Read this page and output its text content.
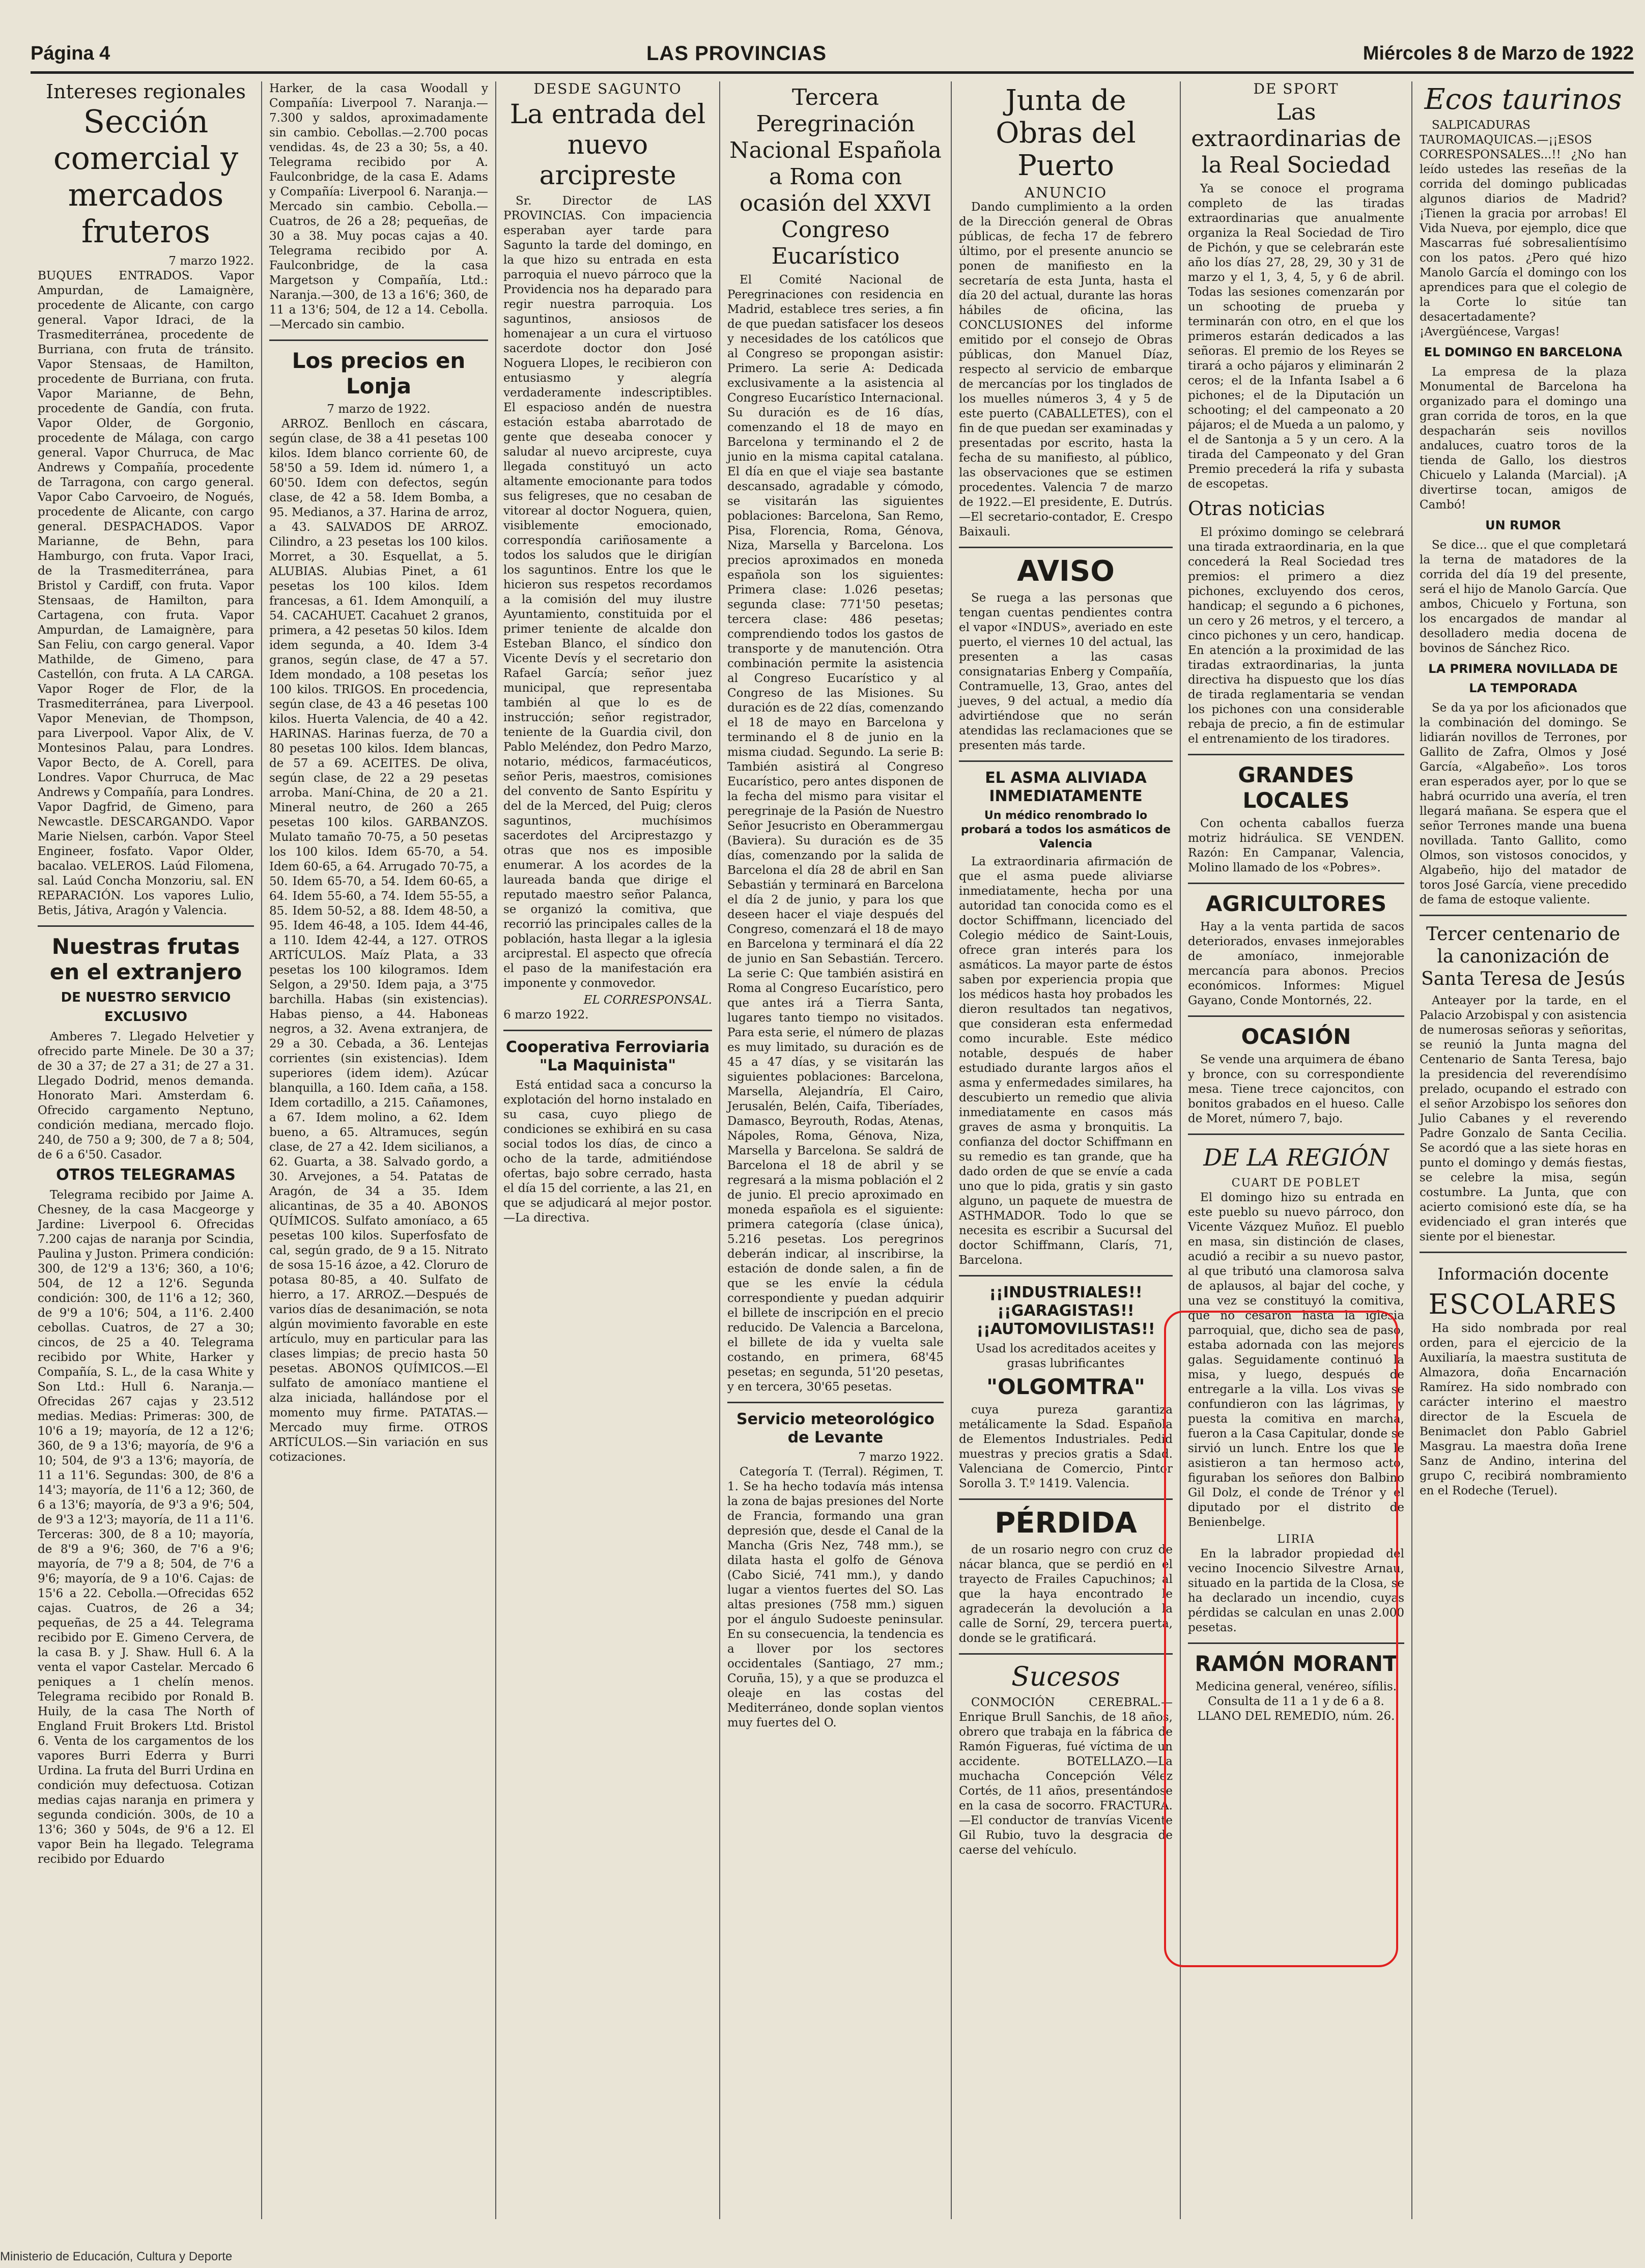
Página 4	LAS PROVINCIAS	Miércoles 8 de Marzo de 1922
Intereses regionales
Sección comercial y mercados fruteros
7 marzo 1922.

BUQUES ENTRADOS. Vapor Ampurdan, de Lamaignère, procedente de Alicante, con cargo general. Vapor Idraci, de la Trasmediterránea, procedente de Burriana, con fruta de tránsito. Vapor Stensaas, de Hamilton, procedente de Burriana, con fruta. Vapor Marianne, de Behn, procedente de Gandía, con fruta. Vapor Older, de Gorgonio, procedente de Málaga, con cargo general. Vapor Churruca, de Mac Andrews y Compañía, procedente de Tarragona, con cargo general. Vapor Cabo Carvoeiro, de Nogués, procedente de Alicante, con cargo general. DESPACHADOS. Vapor Marianne, de Behn, para Hamburgo, con fruta. Vapor Iraci, de la Trasmediterránea, para Bristol y Cardiff, con fruta. Vapor Stensaas, de Hamilton, para Cartagena, con fruta. Vapor Ampurdan, de Lamaignère, para San Feliu, con cargo general. Vapor Mathilde, de Gimeno, para Castellón, con fruta. A LA CARGA. Vapor Roger de Flor, de la Trasmediterránea, para Liverpool. Vapor Menevian, de Thompson, para Liverpool. Vapor Alix, de V. Montesinos Palau, para Londres. Vapor Becto, de A. Corell, para Londres. Vapor Churruca, de Mac Andrews y Compañía, para Londres. Vapor Dagfrid, de Gimeno, para Newcastle. DESCARGANDO. Vapor Marie Nielsen, carbón. Vapor Steel Engineer, fosfato. Vapor Older, bacalao. VELEROS. Laúd Filomena, sal. Laúd Concha Monzoriu, sal. EN REPARACIÓN. Los vapores Lulio, Betis, Játiva, Aragón y Valencia.

Nuestras frutas en el extranjero
DE NUESTRO SERVICIO EXCLUSIVO

Amberes 7. Llegado Helvetier y ofrecido parte Minele. De 30 a 37; de 30 a 37; de 27 a 31; de 27 a 31. Llegado Dodrid, menos demanda. Honorato Mari. Amsterdam 6. Ofrecido cargamento Neptuno, condición mediana, mercado flojo. 240, de 750 a 9; 300, de 7 a 8; 504, de 6 a 6'50. Casador.

OTROS TELEGRAMAS

Telegrama recibido por Jaime A. Chesney, de la casa Macgeorge y Jardine: Liverpool 6. Ofrecidas 7.200 cajas de naranja por Scindia, Paulina y Juston. Primera condición: 300, de 12'9 a 13'6; 360, a 10'6; 504, de 12 a 12'6. Segunda condición: 300, de 11'6 a 12; 360, de 9'9 a 10'6; 504, a 11'6. 2.400 cebollas. Cuatros, de 27 a 30; cincos, de 25 a 40. Telegrama recibido por White, Harker y Compañía, S. L., de la casa White y Son Ltd.: Hull 6. Naranja.—Ofrecidas 267 cajas y 23.512 medias. Medias: Primeras: 300, de 10'6 a 19; mayoría, de 12 a 12'6; 360, de 9 a 13'6; mayoría, de 9'6 a 10; 504, de 9'3 a 13'6; mayoría, de 11 a 11'6. Segundas: 300, de 8'6 a 14'3; mayoría, de 11'6 a 12; 360, de 6 a 13'6; mayoría, de 9'3 a 9'6; 504, de 9'3 a 12'3; mayoría, de 11 a 11'6. Terceras: 300, de 8 a 10; mayoría, de 8'9 a 9'6; 360, de 7'6 a 9'6; mayoría, de 7'9 a 8; 504, de 7'6 a 9'6; mayoría, de 9 a 10'6. Cajas: de 15'6 a 22. Cebolla.—Ofrecidas 652 cajas. Cuatros, de 26 a 34; pequeñas, de 25 a 44. Telegrama recibido por E. Gimeno Cervera, de la casa B. y J. Shaw. Hull 6. A la venta el vapor Castelar. Mercado 6 peniques a 1 chelín menos. Telegrama recibido por Ronald B. Huily, de la casa The North of England Fruit Brokers Ltd. Bristol 6. Venta de los cargamentos de los vapores Burri Ederra y Burri Urdina. La fruta del Burri Urdina en condición muy defectuosa. Cotizan medias cajas naranja en primera y segunda condición. 300s, de 10 a 13'6; 360 y 504s, de 9'6 a 12. El vapor Bein ha llegado. Telegrama recibido por Eduardo

Harker, de la casa Woodall y Compañía: Liverpool 7. Naranja.—7.300 y saldos, aproximadamente sin cambio. Cebollas.—2.700 pocas vendidas. 4s, de 23 a 30; 5s, a 40. Telegrama recibido por A. Faulconbridge, de la casa E. Adams y Compañía: Liverpool 6. Naranja.—Mercado sin cambio. Cebolla.—Cuatros, de 26 a 28; pequeñas, de 30 a 38. Muy pocas cajas a 40. Telegrama recibido por A. Faulconbridge, de la casa Margetson y Compañía, Ltd.: Naranja.—300, de 13 a 16'6; 360, de 11 a 13'6; 504, de 12 a 14. Cebolla.—Mercado sin cambio.

Los precios en Lonja
7 marzo de 1922.

ARROZ. Benlloch en cáscara, según clase, de 38 a 41 pesetas 100 kilos. Idem blanco corriente 60, de 58'50 a 59. Idem id. número 1, a 60'50. Idem con defectos, según clase, de 42 a 58. Idem Bomba, a 95. Medianos, a 37. Harina de arroz, a 43. SALVADOS DE ARROZ. Cilindro, a 23 pesetas los 100 kilos. Morret, a 30. Esquellat, a 5. ALUBIAS. Alubias Pinet, a 61 pesetas los 100 kilos. Idem francesas, a 61. Idem Amonquilí, a 54. CACAHUET. Cacahuet 2 granos, primera, a 42 pesetas 50 kilos. Idem idem segunda, a 40. Idem 3-4 granos, según clase, de 47 a 57. Idem mondado, a 108 pesetas los 100 kilos. TRIGOS. En procedencia, según clase, de 43 a 46 pesetas 100 kilos. Huerta Valencia, de 40 a 42. HARINAS. Harinas fuerza, de 70 a 80 pesetas 100 kilos. Idem blancas, de 57 a 69. ACEITES. De oliva, según clase, de 22 a 29 pesetas arroba. Maní-China, de 20 a 21. Mineral neutro, de 260 a 265 pesetas 100 kilos. GARBANZOS. Mulato tamaño 70-75, a 50 pesetas los 100 kilos. Idem 65-70, a 54. Idem 60-65, a 64. Arrugado 70-75, a 50. Idem 65-70, a 54. Idem 60-65, a 64. Idem 55-60, a 74. Idem 55-55, a 85. Idem 50-52, a 88. Idem 48-50, a 95. Idem 46-48, a 105. Idem 44-46, a 110. Idem 42-44, a 127. OTROS ARTÍCULOS. Maíz Plata, a 33 pesetas los 100 kilogramos. Idem Selgon, a 29'50. Idem paja, a 3'75 barchilla. Habas (sin existencias). Habas pienso, a 44. Haboneas negros, a 32. Avena extranjera, de 29 a 30. Cebada, a 36. Lentejas corrientes (sin existencias). Idem superiores (idem idem). Azúcar blanquilla, a 160. Idem caña, a 158. Idem cortadillo, a 215. Cañamones, a 67. Idem molino, a 62. Idem bueno, a 65. Altramuces, según clase, de 27 a 42. Idem sicilianos, a 62. Guarta, a 38. Salvado gordo, a 30. Arvejones, a 54. Patatas de Aragón, de 34 a 35. Idem alicantinas, de 35 a 40. ABONOS QUÍMICOS. Sulfato amoníaco, a 65 pesetas 100 kilos. Superfosfato de cal, según grado, de 9 a 15. Nitrato de sosa 15-16 ázoe, a 42. Cloruro de potasa 80-85, a 40. Sulfato de hierro, a 17. ARROZ.—Después de varios días de desanimación, se nota algún movimiento favorable en este artículo, muy en particular para las clases limpias; de precio hasta 50 pesetas. ABONOS QUÍMICOS.—El sulfato de amoníaco mantiene el alza iniciada, hallándose por el momento muy firme. PATATAS.—Mercado muy firme. OTROS ARTÍCULOS.—Sin variación en sus cotizaciones.

DESDE SAGUNTO
La entrada del nuevo arcipreste

Sr. Director de LAS PROVINCIAS. Con impaciencia esperaban ayer tarde para Sagunto la tarde del domingo, en la que hizo su entrada en esta parroquia el nuevo párroco que la Providencia nos ha deparado para regir nuestra parroquia. Los saguntinos, ansiosos de homenajear a un cura el virtuoso sacerdote doctor don José Noguera Llopes, le recibieron con entusiasmo y alegría verdaderamente indescriptibles. El espacioso andén de nuestra estación estaba abarrotado de gente que deseaba conocer y saludar al nuevo arcipreste, cuya llegada constituyó un acto altamente emocionante para todos sus feligreses, que no cesaban de vitorear al doctor Noguera, quien, visiblemente emocionado, correspondía cariñosamente a todos los saludos que le dirigían los saguntinos. Entre los que le hicieron sus respetos recordamos a la comisión del muy ilustre Ayuntamiento, constituida por el primer teniente de alcalde don Esteban Blanco, el síndico don Vicente Devís y el secretario don Rafael García; señor juez municipal, que representaba también al que lo es de instrucción; señor registrador, teniente de la Guardia civil, don Pablo Meléndez, don Pedro Marzo, notario, médicos, farmacéuticos, señor Peris, maestros, comisiones del convento de Santo Espíritu y del de la Merced, del Puig; cleros saguntinos, muchísimos sacerdotes del Arciprestazgo y otras que nos es imposible enumerar. A los acordes de la laureada banda que dirige el reputado maestro señor Palanca, se organizó la comitiva, que recorrió las principales calles de la población, hasta llegar a la iglesia arciprestal. El aspecto que ofrecía el paso de la manifestación era imponente y conmovedor.

EL CORRESPONSAL.
6 marzo 1922.
Cooperativa Ferroviaria "La Maquinista"

Está entidad saca a concurso la explotación del horno instalado en su casa, cuyo pliego de condiciones se exhibirá en su casa social todos los días, de cinco a ocho de la tarde, admitiéndose ofertas, bajo sobre cerrado, hasta el día 15 del corriente, a las 21, en que se adjudicará al mejor postor.—La directiva.

Tercera Peregrinación Nacional Española a Roma con ocasión del XXVI Congreso Eucarístico

El Comité Nacional de Peregrinaciones con residencia en Madrid, establece tres series, a fin de que puedan satisfacer los deseos y necesidades de los católicos que al Congreso se propongan asistir: Primero. La serie A: Dedicada exclusivamente a la asistencia al Congreso Eucarístico Internacional. Su duración es de 16 días, comenzando el 18 de mayo en Barcelona y terminando el 2 de junio en la misma capital catalana. El día en que el viaje sea bastante descansado, agradable y cómodo, se visitarán las siguientes poblaciones: Barcelona, San Remo, Pisa, Florencia, Roma, Génova, Niza, Marsella y Barcelona. Los precios aproximados en moneda española son los siguientes: Primera clase: 1.026 pesetas; segunda clase: 771'50 pesetas; tercera clase: 486 pesetas; comprendiendo todos los gastos de transporte y de manutención. Otra combinación permite la asistencia al Congreso Eucarístico y al Congreso de las Misiones. Su duración es de 22 días, comenzando el 18 de mayo en Barcelona y terminando el 8 de junio en la misma ciudad. Segundo. La serie B: También asistirá al Congreso Eucarístico, pero antes disponen de la fecha del mismo para visitar el peregrinaje de la Pasión de Nuestro Señor Jesucristo en Oberammergau (Baviera). Su duración es de 35 días, comenzando por la salida de Barcelona el día 28 de abril en San Sebastián y terminará en Barcelona el día 2 de junio, y para los que deseen hacer el viaje después del Congreso, comenzará el 18 de mayo en Barcelona y terminará el día 22 de junio en San Sebastián. Tercero. La serie C: Que también asistirá en Roma al Congreso Eucarístico, pero que antes irá a Tierra Santa, lugares tanto tiempo no visitados. Para esta serie, el número de plazas es muy limitado, su duración es de 45 a 47 días, y se visitarán las siguientes poblaciones: Barcelona, Marsella, Alejandría, El Cairo, Jerusalén, Belén, Caifa, Tiberíades, Damasco, Beyrouth, Rodas, Atenas, Nápoles, Roma, Génova, Niza, Marsella y Barcelona. Se saldrá de Barcelona el 18 de abril y se regresará a la misma población el 2 de junio. El precio aproximado en moneda española es el siguiente: primera categoría (clase única), 5.216 pesetas. Los peregrinos deberán indicar, al inscribirse, la estación de donde salen, a fin de que se les envíe la cédula correspondiente y puedan adquirir el billete de inscripción en el precio reducido. De Valencia a Barcelona, el billete de ida y vuelta sale costando, en primera, 68'45 pesetas; en segunda, 51'20 pesetas, y en tercera, 30'65 pesetas.

Servicio meteorológico de Levante
7 marzo 1922.

Categoría T. (Terral). Régimen, T. 1. Se ha hecho todavía más intensa la zona de bajas presiones del Norte de Francia, formando una gran depresión que, desde el Canal de la Mancha (Gris Nez, 748 mm.), se dilata hasta el golfo de Génova (Cabo Sicié, 741 mm.), y dando lugar a vientos fuertes del SO. Las altas presiones (758 mm.) siguen por el ángulo Sudoeste peninsular. En su consecuencia, la tendencia es a llover por los sectores occidentales (Santiago, 27 mm.; Coruña, 15), y a que se produzca el oleaje en las costas del Mediterráneo, donde soplan vientos muy fuertes del O.

Junta de Obras del Puerto
ANUNCIO

Dando cumplimiento a la orden de la Dirección general de Obras públicas, de fecha 17 de febrero último, por el presente anuncio se ponen de manifiesto en la secretaría de esta Junta, hasta el día 20 del actual, durante las horas hábiles de oficina, las CONCLUSIONES del informe emitido por el consejo de Obras públicas, don Manuel Díaz, respecto al servicio de embarque de mercancías por los tinglados de los muelles números 3, 4 y 5 de este puerto (CABALLETES), con el fin de que puedan ser examinadas y presentadas por escrito, hasta la fecha de su manifiesto, al público, las observaciones que se estimen procedentes. Valencia 7 de marzo de 1922.—El presidente, E. Dutrús.—El secretario-contador, E. Crespo Baixauli.

AVISO

Se ruega a las personas que tengan cuentas pendientes contra el vapor «INDUS», averiado en este puerto, el viernes 10 del actual, las presenten a las casas consignatarias Enberg y Compañía, Contramuelle, 13, Grao, antes del jueves, 9 del actual, a medio día advirtiéndose que no serán atendidas las reclamaciones que se presenten más tarde.

EL ASMA ALIVIADA INMEDIATAMENTE
Un médico renombrado lo probará a todos los asmáticos de Valencia

La extraordinaria afirmación de que el asma puede aliviarse inmediatamente, hecha por una autoridad tan conocida como es el doctor Schiffmann, licenciado del Colegio médico de Saint-Louis, ofrece gran interés para los asmáticos. La mayor parte de éstos saben por experiencia propia que los médicos hasta hoy probados les dieron resultados tan negativos, que consideran esta enfermedad como incurable. Este médico notable, después de haber estudiado durante largos años el asma y enfermedades similares, ha descubierto un remedio que alivia inmediatamente en casos más graves de asma y bronquitis. La confianza del doctor Schiffmann en su remedio es tan grande, que ha dado orden de que se envíe a cada uno que lo pida, gratis y sin gasto alguno, un paquete de muestra de ASTHMADOR. Todo lo que se necesita es escribir a Sucursal del doctor Schiffmann, Clarís, 71, Barcelona.

¡¡INDUSTRIALES!! ¡¡GARAGISTAS!! ¡¡AUTOMOVILISTAS!!

Usad los acreditados aceites y grasas lubrificantes

"OLGOMTRA"

cuya pureza garantiza metálicamente la Sdad. Española de Elementos Industriales. Pedid muestras y precios gratis a Sdad. Valenciana de Comercio, Pintor Sorolla 3. T.º 1419. Valencia.

PÉRDIDA

de un rosario negro con cruz de nácar blanca, que se perdió en el trayecto de Frailes Capuchinos; al que la haya encontrado le agradecerán la devolución a la calle de Sorní, 29, tercera puerta, donde se le gratificará.

Sucesos

CONMOCIÓN CEREBRAL.—Enrique Brull Sanchis, de 18 años, obrero que trabaja en la fábrica de Ramón Figueras, fué víctima de un accidente. BOTELLAZO.—La muchacha Concepción Vélez Cortés, de 11 años, presentándose en la casa de socorro. FRACTURA.—El conductor de tranvías Vicente Gil Rubio, tuvo la desgracia de caerse del vehículo.

DE SPORT
Las extraordinarias de la Real Sociedad

Ya se conoce el programa completo de las tiradas extraordinarias que anualmente organiza la Real Sociedad de Tiro de Pichón, y que se celebrarán este año los días 27, 28, 29, 30 y 31 de marzo y el 1, 3, 4, 5, y 6 de abril. Todas las sesiones comenzarán por un schooting de prueba y terminarán con otro, en el que los primeros estarán dedicados a las señoras. El premio de los Reyes se tirará a ocho pájaros y eliminarán 2 ceros; el de la Infanta Isabel a 6 pichones; el de la Diputación un schooting; el del campeonato a 20 pájaros; el de Mueda a un palomo, y el de Santonja a 5 y un cero. A la tirada del Campeonato y del Gran Premio precederá la rifa y subasta de escopetas.

Otras noticias

El próximo domingo se celebrará una tirada extraordinaria, en la que concederá la Real Sociedad tres premios: el primero a diez pichones, excluyendo dos ceros, handicap; el segundo a 6 pichones, un cero y 26 metros, y el tercero, a cinco pichones y un cero, handicap. En atención a la proximidad de las tiradas extraordinarias, la junta directiva ha dispuesto que los días de tirada reglamentaria se vendan los pichones con una considerable rebaja de precio, a fin de estimular el entrenamiento de los tiradores.

GRANDES LOCALES

Con ochenta caballos fuerza motriz hidráulica. SE VENDEN. Razón: En Campanar, Valencia, Molino llamado de los «Pobres».

AGRICULTORES

Hay a la venta partida de sacos deteriorados, envases inmejorables de amoníaco, inmejorable mercancía para abonos. Precios económicos. Informes: Miguel Gayano, Conde Montornés, 22.

OCASIÓN

Se vende una arquimera de ébano y bronce, con su correspondiente mesa. Tiene trece cajoncitos, con bonitos grabados en el hueso. Calle de Moret, número 7, bajo.

DE LA REGIÓN
CUART DE POBLET

El domingo hizo su entrada en este pueblo su nuevo párroco, don Vicente Vázquez Muñoz. El pueblo en masa, sin distinción de clases, acudió a recibir a su nuevo pastor, al que tributó una clamorosa salva de aplausos, al bajar del coche, y una vez se constituyó la comitiva, que no cesaron hasta la iglesia parroquial, que, dicho sea de paso, estaba adornada con las mejores galas. Seguidamente continuó la misa, y luego, después de entregarle a la villa. Los vivas se confundieron con las lágrimas, y puesta la comitiva en marcha, fueron a la Casa Capitular, donde se sirvió un lunch. Entre los que le asistieron a tan hermoso acto, figuraban los señores don Balbino Gil Dolz, el conde de Trénor y el diputado por el distrito de Benienbelge.

LIRIA

En la labrador propiedad del vecino Inocencio Silvestre Arnau, situado en la partida de la Closa, se ha declarado un incendio, cuyas pérdidas se calculan en unas 2.000 pesetas.

RAMÓN MORANT

Medicina general, venéreo, sífilis. Consulta de 11 a 1 y de 6 a 8. LLANO DEL REMEDIO, núm. 26.

Ecos taurinos

SALPICADURAS TAUROMAQUICAS.—¡¡ESOS CORRESPONSALES...!! ¿No han leído ustedes las reseñas de la corrida del domingo publicadas algunos diarios de Madrid? ¡Tienen la gracia por arrobas! El Vida Nueva, por ejemplo, dice que Mascarras fué sobresalientísimo con los patos. ¿Pero qué hizo Manolo García el domingo con los aprendices para que el colegio de la Corte lo sitúe tan desacertadamente? ¡Avergüéncese, Vargas!

EL DOMINGO EN BARCELONA

La empresa de la plaza Monumental de Barcelona ha organizado para el domingo una gran corrida de toros, en la que despacharán seis novillos andaluces, cuatro toros de la tienda de Gallo, los diestros Chicuelo y Lalanda (Marcial). ¡A divertirse tocan, amigos de Cambó!

UN RUMOR

Se dice... que el que completará la terna de matadores de la corrida del día 19 del presente, será el hijo de Manolo García. Que ambos, Chicuelo y Fortuna, son los encargados de mandar al desolladero media docena de bovinos de Sánchez Rico.

LA PRIMERA NOVILLADA DE LA TEMPORADA

Se da ya por los aficionados que la combinación del domingo. Se lidiarán novillos de Terrones, por Gallito de Zafra, Olmos y José García, «Algabeño». Los toros eran esperados ayer, por lo que se habrá ocurrido una avería, el tren llegará mañana. Se espera que el señor Terrones mande una buena novillada. Tanto Gallito, como Olmos, son vistosos conocidos, y Algabeño, hijo del matador de toros José García, viene precedido de fama de estoque valiente.

Tercer centenario de la canonización de Santa Teresa de Jesús

Anteayer por la tarde, en el Palacio Arzobispal y con asistencia de numerosas señoras y señoritas, se reunió la Junta magna del Centenario de Santa Teresa, bajo la presidencia del reverendísimo prelado, ocupando el estrado con el señor Arzobispo los señores don Julio Cabanes y el reverendo Padre Gonzalo de Santa Cecilia. Se acordó que a las siete horas en punto el domingo y demás fiestas, se celebre la misa, según costumbre. La Junta, que con acierto comisionó este día, se ha evidenciado el gran interés que siente por el bienestar.

Información docente
ESCOLARES

Ha sido nombrada por real orden, para el ejercicio de la Auxiliaría, la maestra sustituta de Almazora, doña Encarnación Ramírez. Ha sido nombrado con carácter interino el maestro director de la Escuela de Benimaclet don Pablo Gabriel Masgrau. La maestra doña Irene Sanz de Andino, interina del grupo C, recibirá nombramiento en el Rodeche (Teruel).

Ministerio de Educación, Cultura y Deporte
